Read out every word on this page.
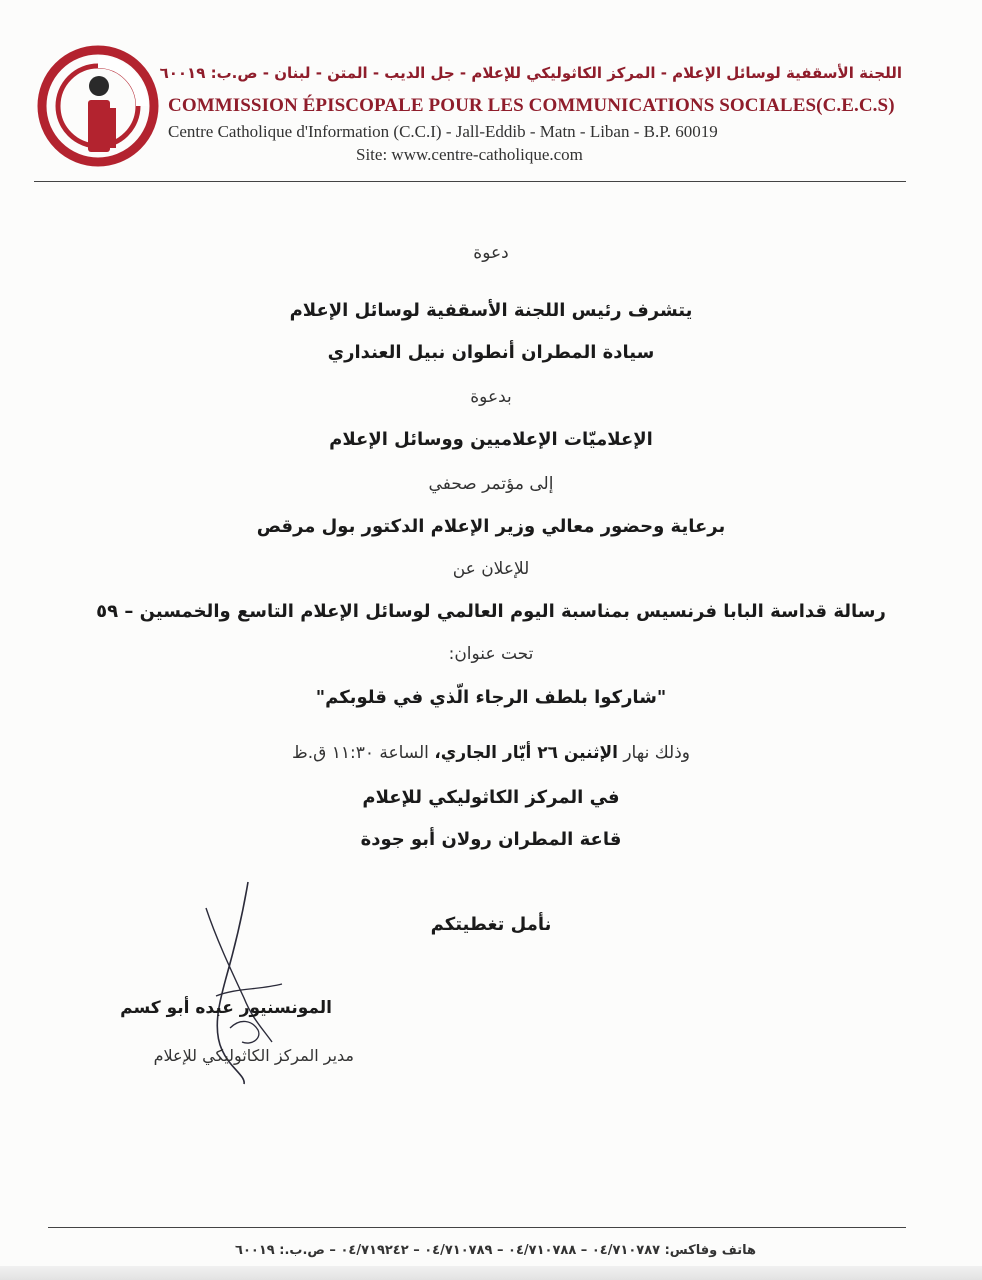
اللجنة الأسقفية لوسائل الإعلام - المركز الكاثوليكي للإعلام - جل الديب - المتن - لبنان - ص.ب: ٦٠٠١٩
COMMISSION ÉPISCOPALE POUR LES COMMUNICATIONS SOCIALES(C.E.C.S)
Centre Catholique d'Information (C.C.I) - Jall-Eddib - Matn - Liban - B.P. 60019
Site: www.centre-catholique.com
دعوة
يتشرف رئيس اللجنة الأسقفية لوسائل الإعلام
سيادة المطران أنطوان نبيل العنداري
بدعوة
الإعلاميّات الإعلاميين ووسائل الإعلام
إلى مؤتمر صحفي
برعاية وحضور معالي وزير الإعلام الدكتور بول مرقص
للإعلان عن
رسالة قداسة البابا فرنسيس بمناسبة اليوم العالمي لوسائل الإعلام التاسع والخمسين – ٥٩
تحت عنوان:
"شاركوا بلطف الرجاء الّذي في قلوبكم"
وذلك نهار الإثنين ٢٦ أيّار الجاري، الساعة ١١:٣٠ ق.ظ
في المركز الكاثوليكي للإعلام
قاعة المطران رولان أبو جودة
نأمل تغطيتكم
المونسنيور عبده أبو كسم
مدير المركز الكاثوليكي للإعلام
هاتف وفاكس: ٠٤/٧١٠٧٨٧ – ٠٤/٧١٠٧٨٨ – ٠٤/٧١٠٧٨٩ – ٠٤/٧١٩٢٤٢ – ص.ب.: ٦٠٠١٩
